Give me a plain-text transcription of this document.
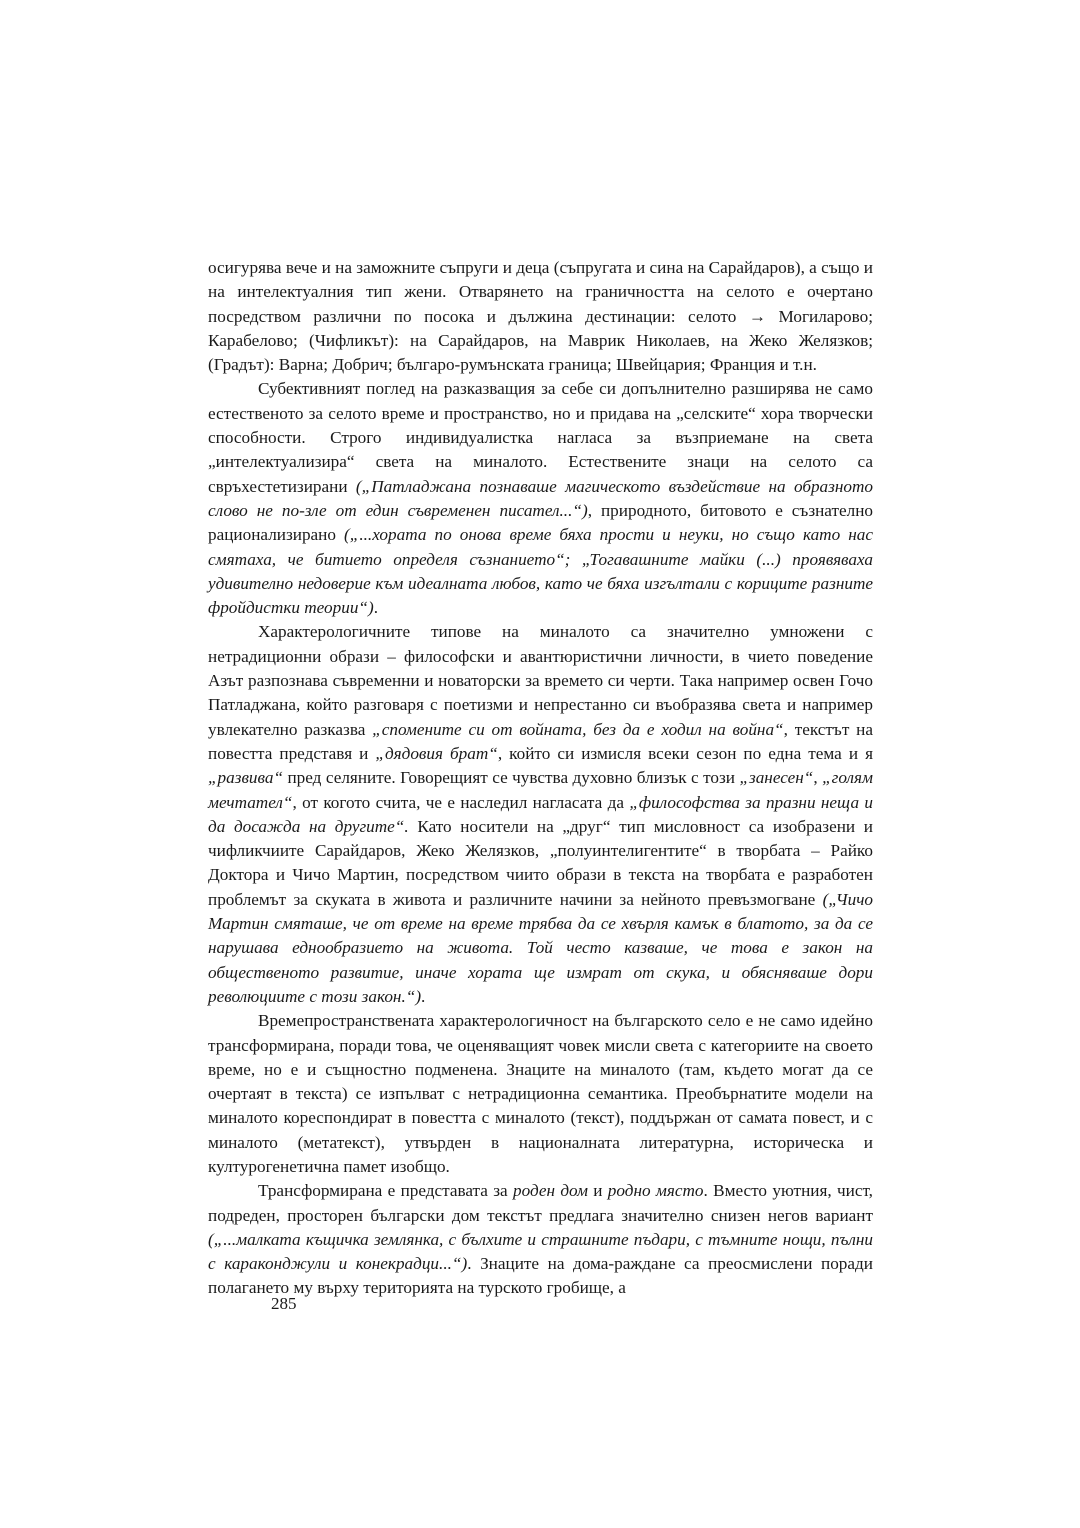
осигурява вече и на заможните съпруги и деца (съпругата и сина на Сарайдаров), а също и на интелектуалния тип жени. Отварянето на граничността на селото е очертано посредством различни по посока и дължина дестинации: селото → Могиларово; Карабелово; (Чифликът): на Сарайдаров, на Маврик Николаев, на Жеко Желязков; (Градът): Варна; Добрич; българо-румънската граница; Швейцария; Франция и т.н.

Субективният поглед на разказващия за себе си допълнително разширява не само естественото за селото време и пространство, но и придава на „селските“ хора творчески способности. Строго индивидуалистка нагласа за възприемане на света „интелектуализира“ света на миналото. Естествените знаци на селото са свръхестетизирани („Патладжана познаваше магическото въздействие на образното слово не по-зле от един съвременен писател...“), природното, битовото е съзнателно рационализирано („...хората по онова време бяха прости и неуки, но също като нас смятаха, че битието определя съзнанието“; „Тогавашните майки (...) проявяваха удивително недоверие към идеалната любов, като че бяха изгълтали с кориците разните фройдистки теории“).

Характерологичните типове на миналото са значително умножени с нетрадиционни образи – философски и авантюристични личности, в чието поведение Азът разпознава съвременни и новаторски за времето си черти. Така например освен Гочо Патладжана, който разговаря с поетизми и непрестанно си въобразява света и например увлекателно разказва „спомените си от войната, без да е ходил на война“, текстът на повестта представя и „дядовия брат“, който си измисля всеки сезон по една тема и я „развива“ пред селяните. Говорещият се чувства духовно близък с този „занесен“, „голям мечтател“, от когото счита, че е наследил нагласата да „философства за празни неща и да досажда на другите“. Като носители на „друг“ тип мисловност са изобразени и чифликчиите Сарайдаров, Жеко Желязков, „полуинтелигентите“ в творбата – Райко Доктора и Чичо Мартин, посредством чиито образи в текста на творбата е разработен проблемът за скуката в живота и различните начини за нейното превъзмогване („Чичо Мартин смяташе, че от време на време трябва да се хвърля камък в блатото, за да се нарушава еднообразието на живота. Той често казваше, че това е закон на общественото развитие, иначе хората ще измрат от скука, и обясняваше дори революциите с този закон.“).

Времепространствената характерологичност на българското село е не само идейно трансформирана, поради това, че оценяващият човек мисли света с категориите на своето време, но е и същностно подменена. Знаците на миналото (там, където могат да се очертаят в текста) се изпълват с нетрадиционна семантика. Преобърнатите модели на миналото кореспондират в повестта с миналото (текст), поддържан от самата повест, и с миналото (метатекст), утвърден в националната литературна, историческа и културогенетична памет изобщо.

Трансформирана е представата за роден дом и родно място. Вместо уютния, чист, подреден, просторен български дом текстът предлага значително снизен негов вариант („...малката къщичка землянка, с бълхите и страшните пъдари, с тъмните нощи, пълни с караконджули и конекрадци...“). Знаците на дома-раждане са преосмислени поради полагането му върху територията на турското гробище, а

285
